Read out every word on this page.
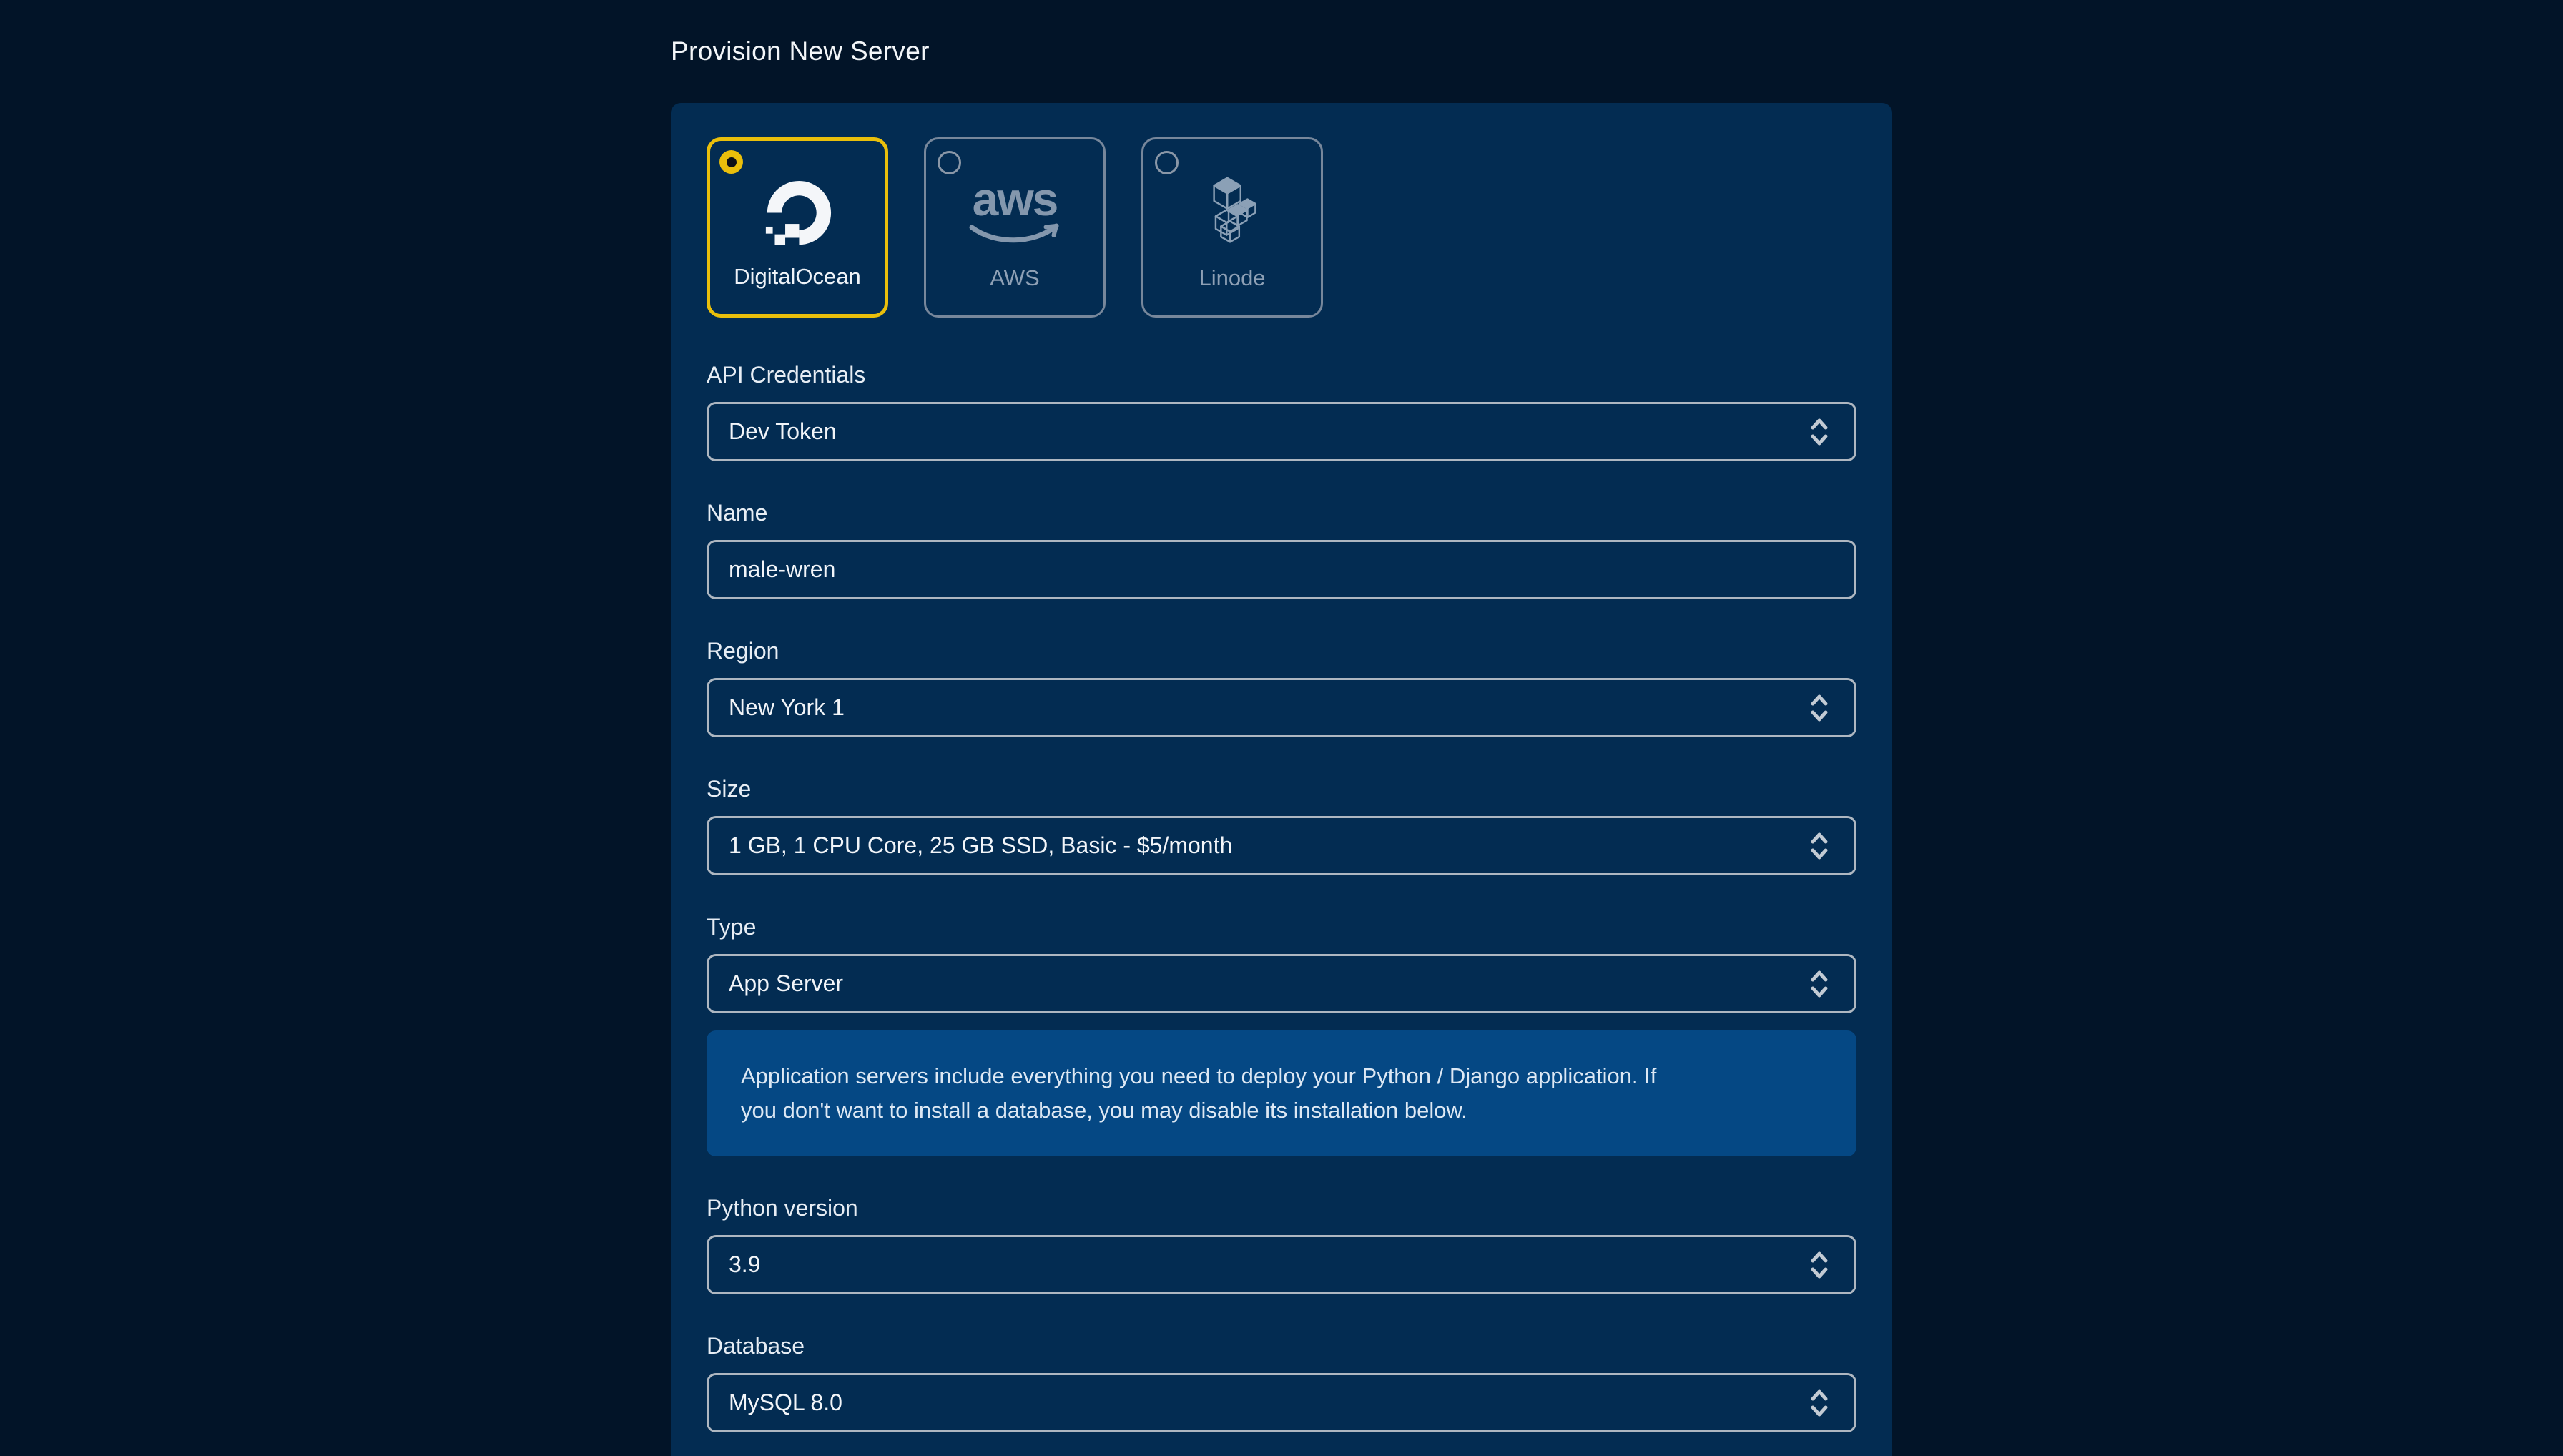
Provision New Server
DigitalOcean
aws
AWS	Linode
API Credentials
Dev Token
Name
male-wren
Region
New York 1
Size
1 GB, 1 CPU Core, 25 GB SSD, Basic - $5/month
Type
App Server

Application servers include everything you need to deploy your Python / Django application. If you don't want to install a database, you may disable its installation below.

Python version
3.9
Database
MySQL 8.0
